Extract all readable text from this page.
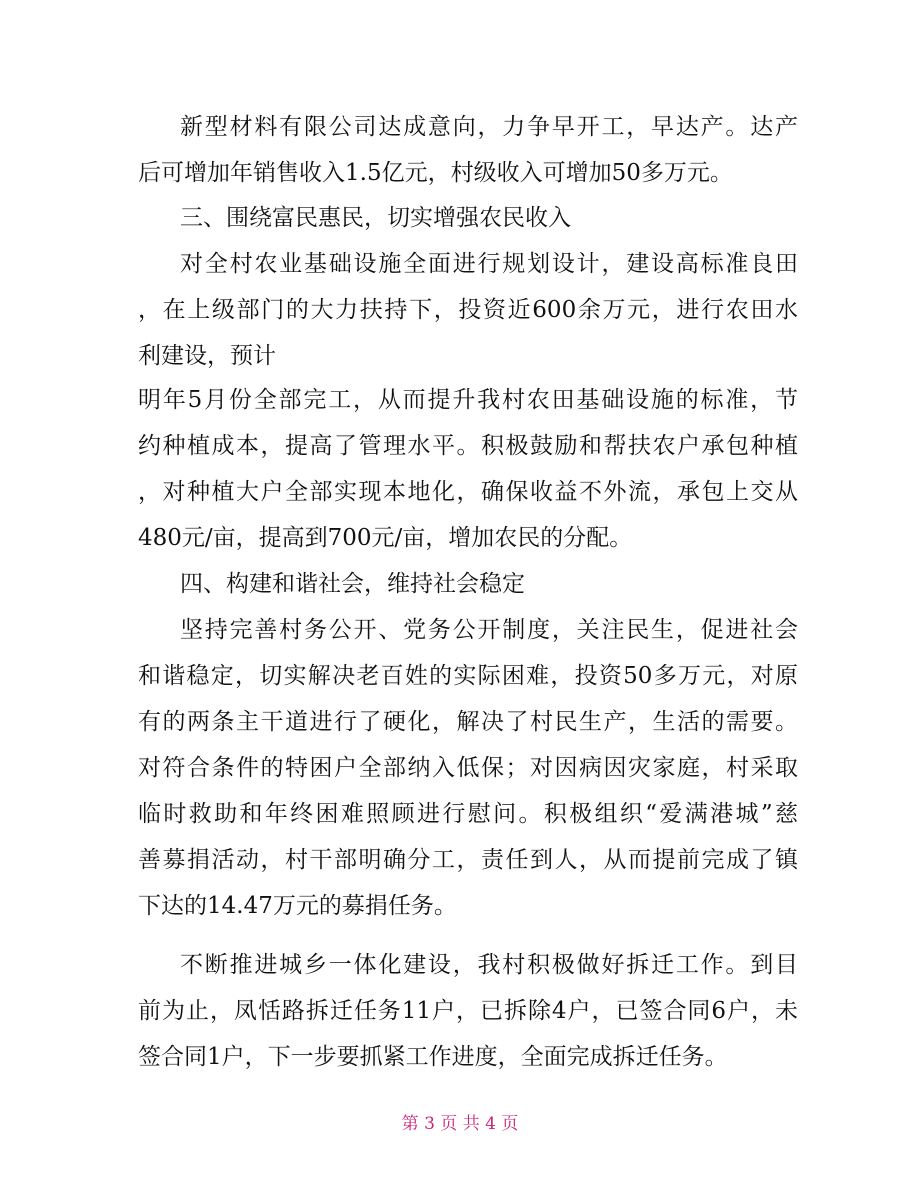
新型材料有限公司达成意向，力争早开工，早达产。达产
后可增加年销售收入1.5亿元，村级收入可增加50多万元。
三、围绕富民惠民，切实增强农民收入
对全村农业基础设施全面进行规划设计，建设高标准良田
，在上级部门的大力扶持下，投资近600余万元，进行农田水
利建设，预计
明年5月份全部完工，从而提升我村农田基础设施的标准，节
约种植成本，提高了管理水平。积极鼓励和帮扶农户承包种植
，对种植大户全部实现本地化，确保收益不外流，承包上交从
480元/亩，提高到700元/亩，增加农民的分配。
四、构建和谐社会，维持社会稳定
坚持完善村务公开、党务公开制度，关注民生，促进社会
和谐稳定，切实解决老百姓的实际困难，投资50多万元，对原
有的两条主干道进行了硬化，解决了村民生产，生活的需要。
对符合条件的特困户全部纳入低保；对因病因灾家庭，村采取
临时救助和年终困难照顾进行慰问。积极组织“爱满港城”慈
善募捐活动，村干部明确分工，责任到人，从而提前完成了镇
下达的14.47万元的募捐任务。
不断推进城乡一体化建设，我村积极做好拆迁工作。到目
前为止，凤恬路拆迁任务11户，已拆除4户，已签合同6户，未
签合同1户，下一步要抓紧工作进度，全面完成拆迁任务。
第 3 页 共 4 页
